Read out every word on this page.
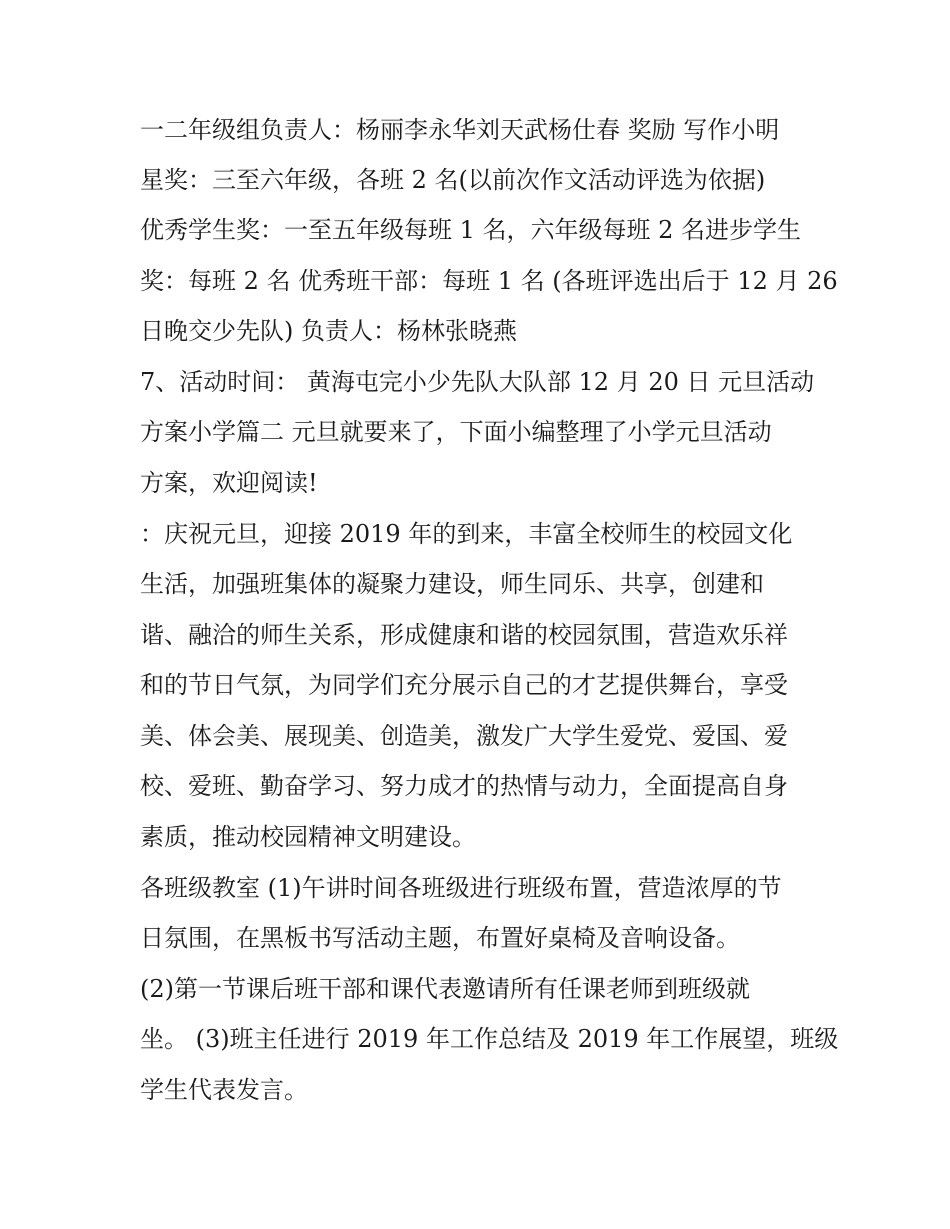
一二年级组负责人：杨丽李永华刘天武杨仕春 奖励 写作小明
星奖：三至六年级，各班 2 名(以前次作文活动评选为依据)
优秀学生奖：一至五年级每班 1 名，六年级每班 2 名进步学生
奖：每班 2 名 优秀班干部：每班 1 名 (各班评选出后于 12 月 26
日晚交少先队) 负责人：杨林张晓燕
7、活动时间： 黄海屯完小少先队大队部 12 月 20 日 元旦活动
方案小学篇二 元旦就要来了，下面小编整理了小学元旦活动
方案，欢迎阅读!
：庆祝元旦，迎接 2019 年的到来，丰富全校师生的校园文化
生活，加强班集体的凝聚力建设，师生同乐、共享，创建和
谐、融洽的师生关系，形成健康和谐的校园氛围，营造欢乐祥
和的节日气氛，为同学们充分展示自己的才艺提供舞台，享受
美、体会美、展现美、创造美，激发广大学生爱党、爱国、爱
校、爱班、勤奋学习、努力成才的热情与动力，全面提高自身
素质，推动校园精神文明建设。
各班级教室 (1)午讲时间各班级进行班级布置，营造浓厚的节
日氛围，在黑板书写活动主题，布置好桌椅及音响设备。
(2)第一节课后班干部和课代表邀请所有任课老师到班级就
坐。 (3)班主任进行 2019 年工作总结及 2019 年工作展望，班级
学生代表发言。
